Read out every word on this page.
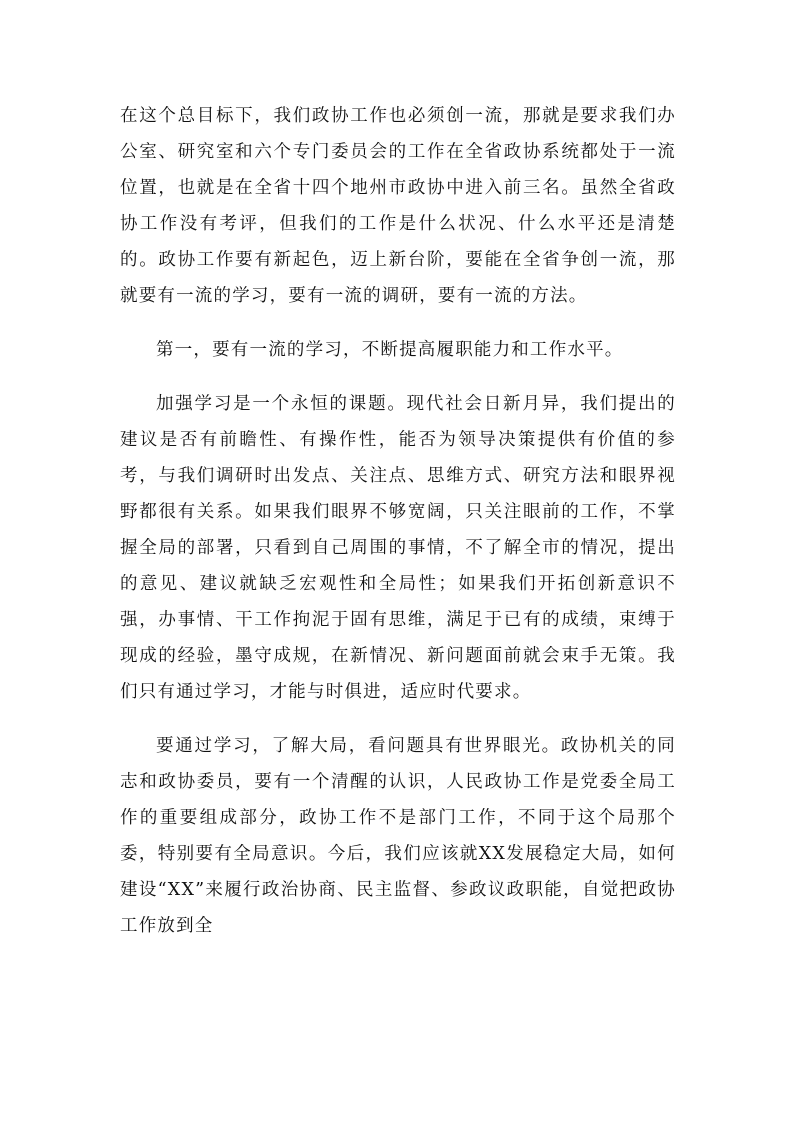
在这个总目标下，我们政协工作也必须创一流，那就是要求我们办公室、研究室和六个专门委员会的工作在全省政协系统都处于一流位置，也就是在全省十四个地州市政协中进入前三名。虽然全省政协工作没有考评，但我们的工作是什么状况、什么水平还是清楚的。政协工作要有新起色，迈上新台阶，要能在全省争创一流，那就要有一流的学习，要有一流的调研，要有一流的方法。

第一，要有一流的学习，不断提高履职能力和工作水平。

加强学习是一个永恒的课题。现代社会日新月异，我们提出的建议是否有前瞻性、有操作性，能否为领导决策提供有价值的参考，与我们调研时出发点、关注点、思维方式、研究方法和眼界视野都很有关系。如果我们眼界不够宽阔，只关注眼前的工作，不掌握全局的部署，只看到自己周围的事情，不了解全市的情况，提出的意见、建议就缺乏宏观性和全局性；如果我们开拓创新意识不强，办事情、干工作拘泥于固有思维，满足于已有的成绩，束缚于现成的经验，墨守成规，在新情况、新问题面前就会束手无策。我们只有通过学习，才能与时俱进，适应时代要求。

要通过学习，了解大局，看问题具有世界眼光。政协机关的同志和政协委员，要有一个清醒的认识，人民政协工作是党委全局工作的重要组成部分，政协工作不是部门工作，不同于这个局那个委，特别要有全局意识。今后，我们应该就XX发展稳定大局，如何建设“XX”来履行政治协商、民主监督、参政议政职能，自觉把政协工作放到全
